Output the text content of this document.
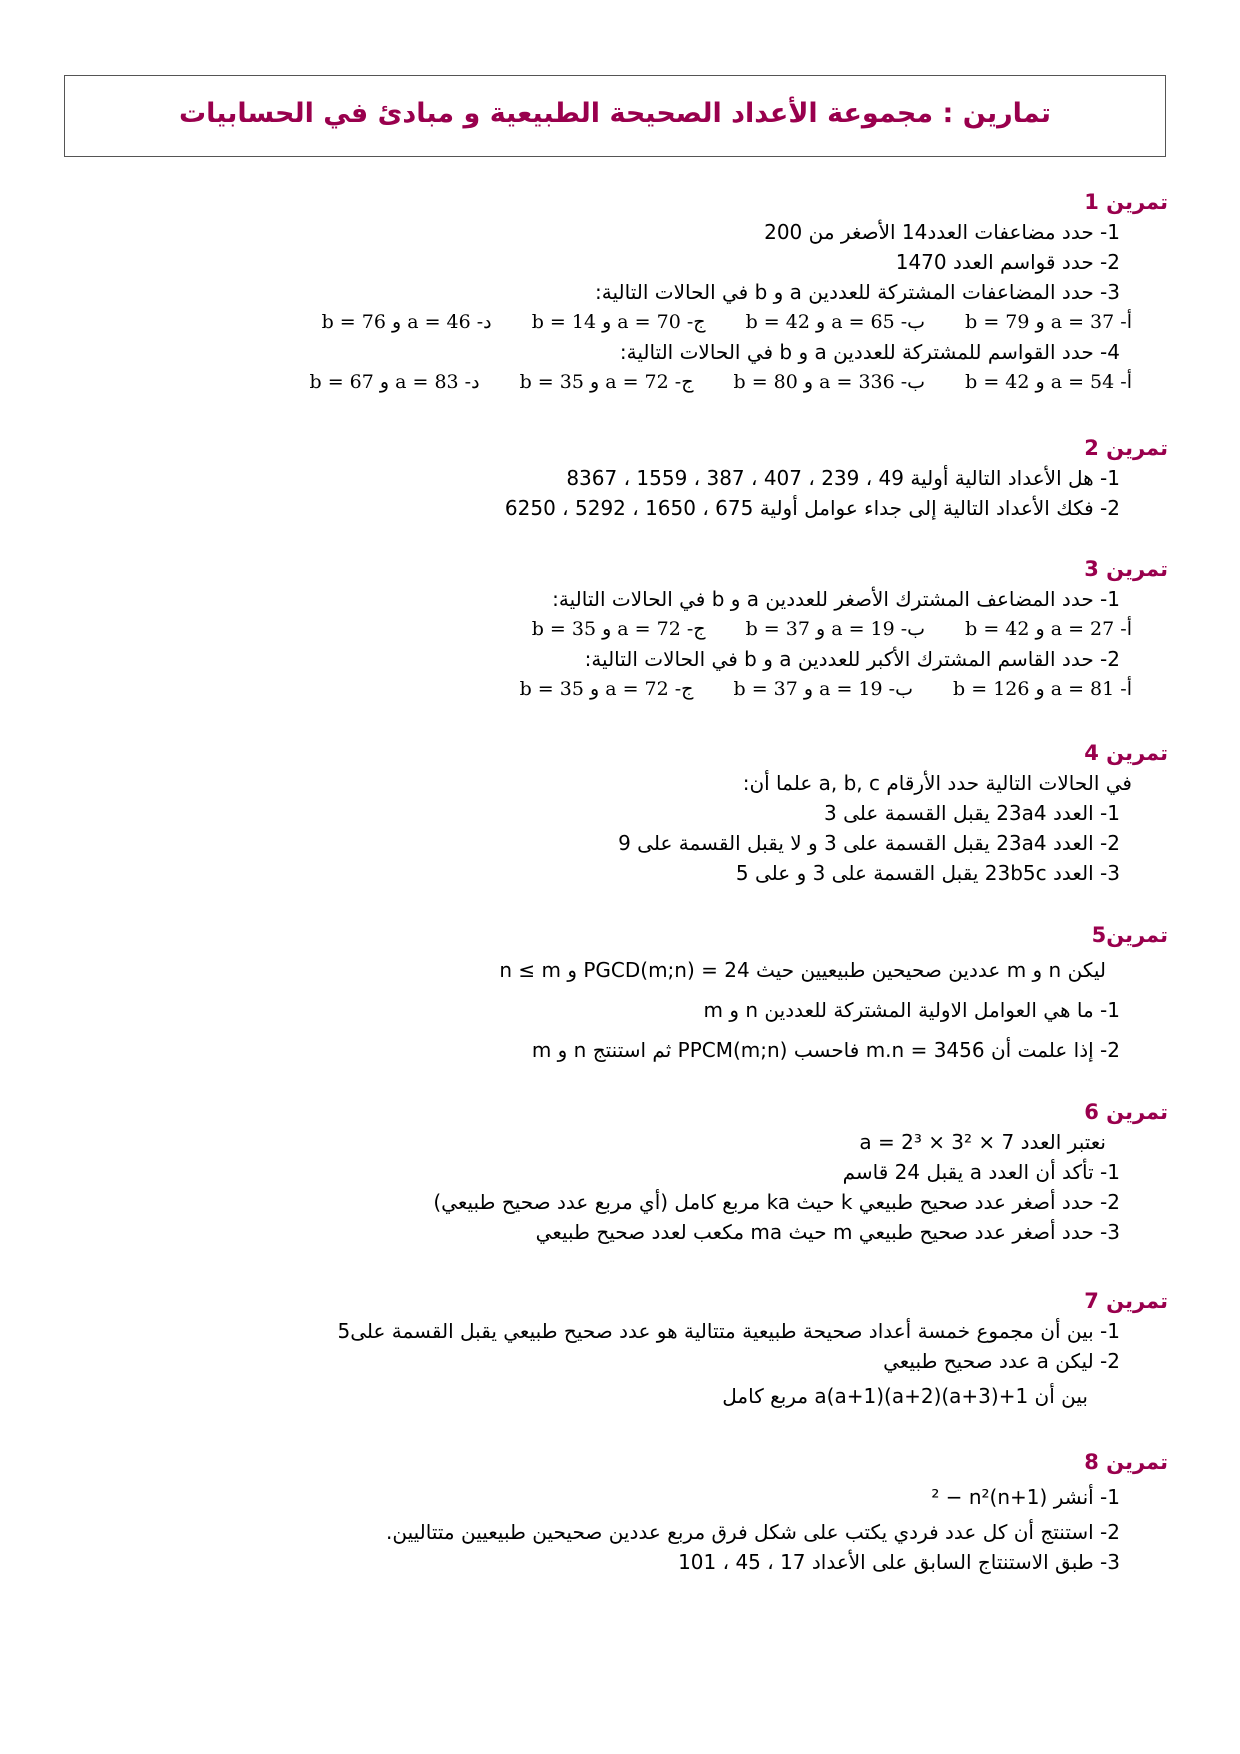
تمارين : مجموعة الأعداد الصحيحة الطبيعية و مبادئ في الحسابيات
تمرين 1
1- حدد مضاعفات العدد14 الأصغر من 200
2- حدد قواسم العدد 1470
3- حدد المضاعفات المشتركة للعددين a و b في الحالات التالية:
أ- a = 37 و b = 79 ب- a = 65 و b = 42 ج- a = 70 و b = 14 د- a = 46 و b = 76
4- حدد القواسم للمشتركة للعددين a و b في الحالات التالية:
أ- a = 54 و b = 42 ب- a = 336 و b = 80 ج- a = 72 و b = 35 د- a = 83 و b = 67
تمرين 2
1- هل الأعداد التالية أولية 49 ، 239 ، 407 ، 387 ، 1559 ، 8367
2- فكك الأعداد التالية إلى جداء عوامل أولية 675 ، 1650 ، 5292 ، 6250
تمرين 3
1- حدد المضاعف المشترك الأصغر للعددين a و b في الحالات التالية:
أ- a = 27 و b = 42 ب- a = 19 و b = 37 ج- a = 72 و b = 35
2- حدد القاسم المشترك الأكبر للعددين a و b في الحالات التالية:
أ- a = 81 و b = 126 ب- a = 19 و b = 37 ج- a = 72 و b = 35
تمرين 4
في الحالات التالية حدد الأرقام a, b, c علما أن:
1- العدد 23a4 يقبل القسمة على 3
2- العدد 23a4 يقبل القسمة على 3 و لا يقبل القسمة على 9
3- العدد 23b5c يقبل القسمة على 3 و على 5
تمرين5
ليكن n و m عددين صحيحين طبيعيين حيث PGCD(m;n) = 24 و n ≤ m
1- ما هي العوامل الاولية المشتركة للعددين n و m
2- إذا علمت أن m.n = 3456 فاحسب PPCM(m;n) ثم استنتج n و m
تمرين 6
نعتبر العدد a = 2³ × 3² × 7
1- تأكد أن العدد a يقبل 24 قاسم
2- حدد أصغر عدد صحيح طبيعي k حيث ka مربع كامل (أي مربع عدد صحيح طبيعي)
3- حدد أصغر عدد صحيح طبيعي m حيث ma مكعب لعدد صحيح طبيعي
تمرين 7
1- بين أن مجموع خمسة أعداد صحيحة طبيعية متتالية هو عدد صحيح طبيعي يقبل القسمة على5
2- ليكن a عدد صحيح طبيعي
بين أن a(a+1)(a+2)(a+3)+1 مربع كامل
تمرين 8
1- أنشر (n+1)² − n²
2- استنتج أن كل عدد فردي يكتب على شكل فرق مربع عددين صحيحين طبيعيين متتاليين.
3- طبق الاستنتاج السابق على الأعداد 17 ، 45 ، 101
